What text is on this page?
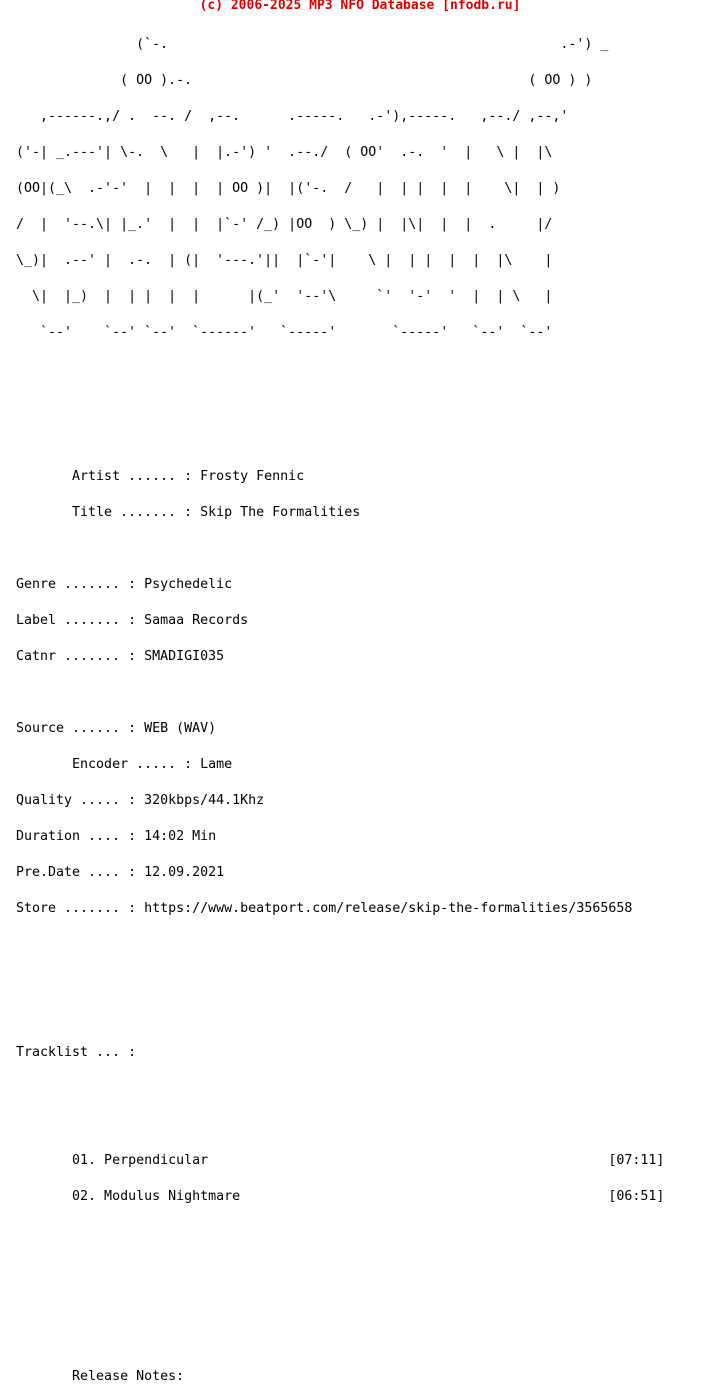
(c) 2006-2025 MP3 NFO Database [nfodb.ru]

(`-.                                                 .-') _

( OO ).-.                                          ( OO ) )

,------.,/ .  --. /  ,--.      .-----.   .-'),-----.   ,--./ ,--,'

('-| _.---'| \-.  \   |  |.-') '  .--./  ( OO'  .-.  '  |   \ |  |\

(OO|(_\  .-'-'  |  |  |  | OO )|  |('-.  /   |  | |  |  |    \|  | )

/  |  '--.\| |_.'  |  |  |`-' /_) |OO  ) \_) |  |\|  |  |  .     |/

\_)|  .--' |  .-.  | (|  '---.'||  |`-'|    \ |  | |  |  |  |\    |

\|  |_)  |  | |  |  |      |(_'  '--'\     `'  '-'  '  |  | \   |

`--'    `--' `--'  `------'   `-----'       `-----'   `--'  `--'

Artist ...... : Frosty Fennic

Title ....... : Skip The Formalities

Genre ....... : Psychedelic

Label ....... : Samaa Records

Catnr ....... : SMADIGI035

Source ...... : WEB (WAV)

Encoder ..... : Lame

Quality ..... : 320kbps/44.1Khz

Duration .... : 14:02 Min

Pre.Date .... : 12.09.2021

Store ....... : https://www.beatport.com/release/skip-the-formalities/3565658

Tracklist ... :

01. Perpendicular                                                  [07:11]

02. Modulus Nightmare                                              [06:51]

Release Notes:
